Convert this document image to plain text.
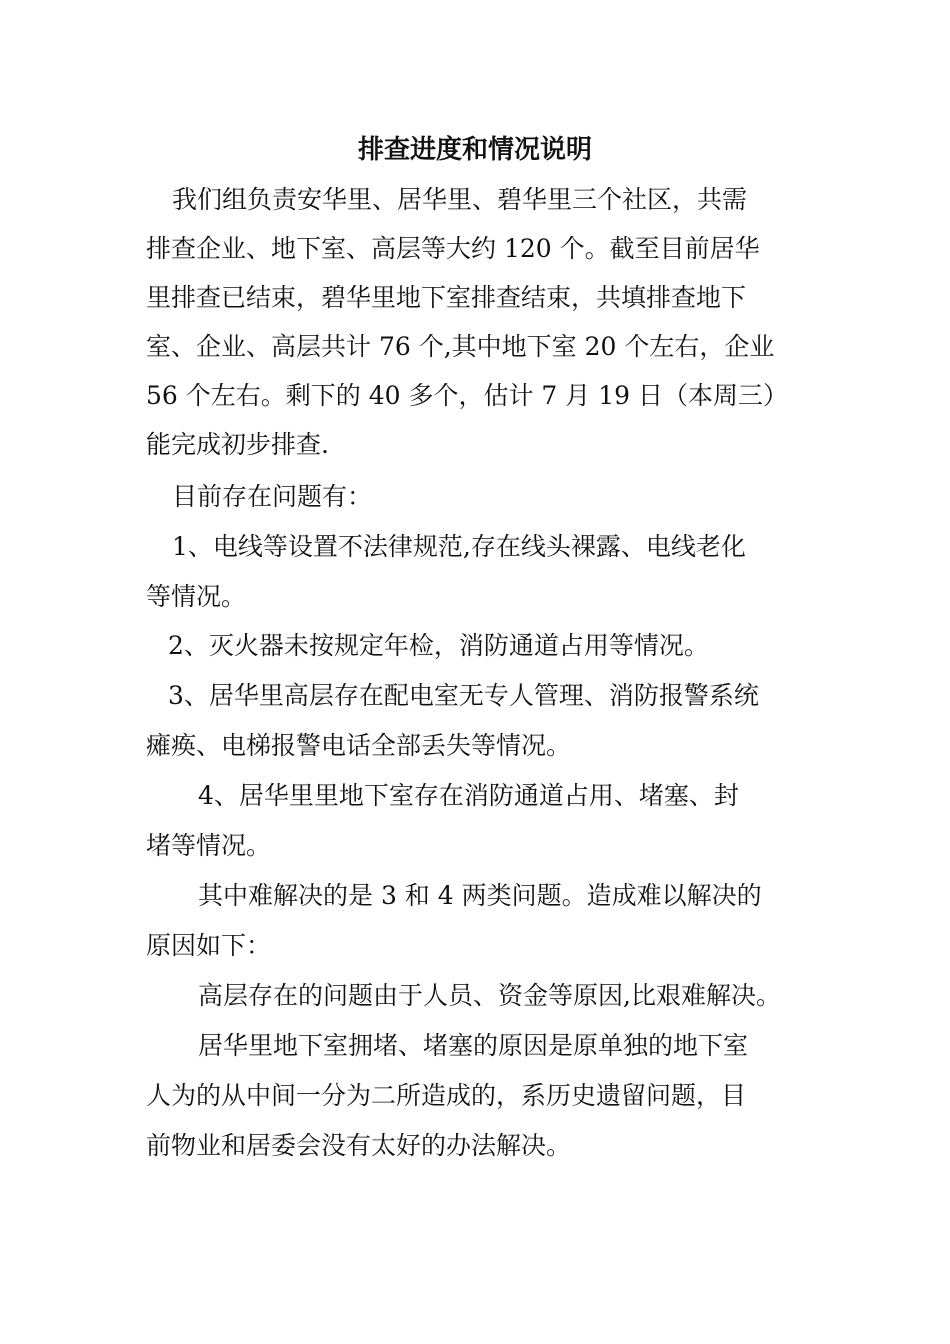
排查进度和情况说明
我们组负责安华里、居华里、碧华里三个社区，共需
排查企业、地下室、高层等大约 120 个。截至目前居华
里排查已结束，碧华里地下室排查结束，共填排查地下
室、企业、高层共计 76 个,其中地下室 20 个左右，企业
56 个左右。剩下的 40 多个，估计 7 月 19 日（本周三）
能完成初步排查.
目前存在问题有：
1、电线等设置不法律规范,存在线头裸露、电线老化
等情况。
2、灭火器未按规定年检，消防通道占用等情况。
3、居华里高层存在配电室无专人管理、消防报警系统
瘫痪、电梯报警电话全部丢失等情况。
4、居华里里地下室存在消防通道占用、堵塞、封
堵等情况。
其中难解决的是 3 和 4 两类问题。造成难以解决的
原因如下：
高层存在的问题由于人员、资金等原因,比艰难解决。
居华里地下室拥堵、堵塞的原因是原单独的地下室
人为的从中间一分为二所造成的，系历史遗留问题，目
前物业和居委会没有太好的办法解决。
